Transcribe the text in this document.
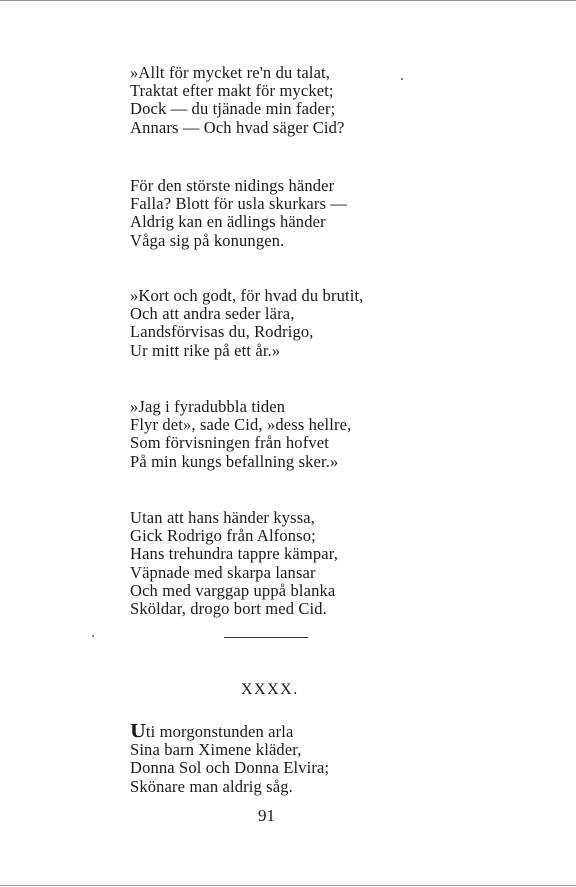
»Allt för mycket re'n du talat,
Traktat efter makt för mycket;
Dock — du tjänade min fader;
Annars — Och hvad säger Cid?
För den störste nidings händer
Falla? Blott för usla skurkars —
Aldrig kan en ädlings händer
Våga sig på konungen.
»Kort och godt, för hvad du brutit,
Och att andra seder lära,
Landsförvisas du, Rodrigo,
Ur mitt rike på ett år.»
»Jag i fyradubbla tiden
Flyr det», sade Cid, »dess hellre,
Som förvisningen från hofvet
På min kungs befallning sker.»
Utan att hans händer kyssa,
Gick Rodrigo från Alfonso;
Hans trehundra tappre kämpar,
Väpnade med skarpa lansar
Och med varggap uppå blanka
Sköldar, drogo bort med Cid.
XXXX.
Uti morgonstunden arla
Sina barn Ximene kläder,
Donna Sol och Donna Elvira;
Skönare man aldrig såg.
91
